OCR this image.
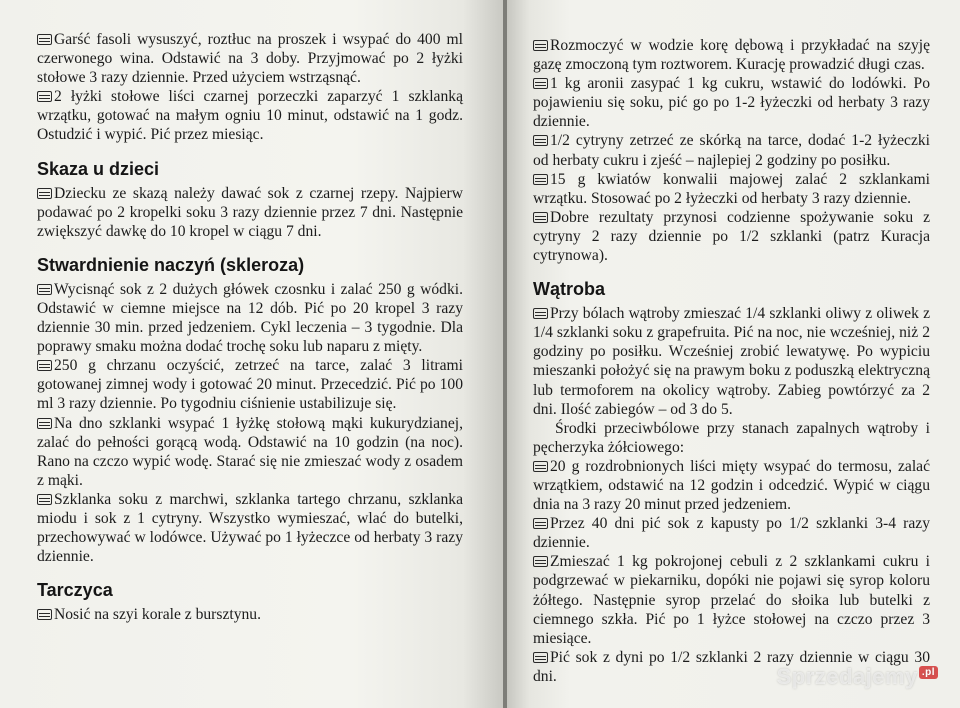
Garść fasoli wysuszyć, roztłuc na proszek i wsypać do 400 ml czerwonego wina. Odstawić na 3 doby. Przyjmować po 2 łyżki stołowe 3 razy dziennie. Przed użyciem wstrząsnąć.

2 łyżki stołowe liści czarnej porzeczki zaparzyć 1 szklanką wrzątku, gotować na małym ogniu 10 minut, odstawić na 1 godz. Ostudzić i wypić. Pić przez miesiąc.

Skaza u dzieci

Dziecku ze skazą należy dawać sok z czarnej rzepy. Najpierw podawać po 2 kropelki soku 3 razy dziennie przez 7 dni. Następnie zwiększyć dawkę do 10 kropel w ciągu 7 dni.

Stwardnienie naczyń (skleroza)

Wycisnąć sok z 2 dużych główek czosnku i zalać 250 g wódki. Odstawić w ciemne miejsce na 12 dób. Pić po 20 kropel 3 razy dziennie 30 min. przed jedzeniem. Cykl leczenia – 3 tygodnie. Dla poprawy smaku można dodać trochę soku lub naparu z mięty.

250 g chrzanu oczyścić, zetrzeć na tarce, zalać 3 litrami gotowanej zimnej wody i gotować 20 minut. Przecedzić. Pić po 100 ml 3 razy dziennie. Po tygodniu ciśnienie ustabilizuje się.

Na dno szklanki wsypać 1 łyżkę stołową mąki kukurydzianej, zalać do pełności gorącą wodą. Odstawić na 10 godzin (na noc). Rano na czczo wypić wodę. Starać się nie zmieszać wody z osadem z mąki.

Szklanka soku z marchwi, szklanka tartego chrzanu, szklanka miodu i sok z 1 cytryny. Wszystko wymieszać, wlać do butelki, przechowywać w lodówce. Używać po 1 łyżeczce od herbaty 3 razy dziennie.

Tarczyca

Nosić na szyi korale z bursztynu.

Rozmoczyć w wodzie korę dębową i przykładać na szyję gazę zmoczoną tym roztworem. Kurację prowadzić długi czas.

1 kg aronii zasypać 1 kg cukru, wstawić do lodówki. Po pojawieniu się soku, pić go po 1-2 łyżeczki od herbaty 3 razy dziennie.

1/2 cytryny zetrzeć ze skórką na tarce, dodać 1-2 łyżeczki od herbaty cukru i zjeść – najlepiej 2 godziny po posiłku.

15 g kwiatów konwalii majowej zalać 2 szklankami wrzątku. Stosować po 2 łyżeczki od herbaty 3 razy dziennie.

Dobre rezultaty przynosi codzienne spożywanie soku z cytryny 2 razy dziennie po 1/2 szklanki (patrz Kuracja cytrynowa).

Wątroba

Przy bólach wątroby zmieszać 1/4 szklanki oliwy z oliwek z 1/4 szklanki soku z grapefruita. Pić na noc, nie wcześniej, niż 2 godziny po posiłku. Wcześniej zrobić lewatywę. Po wypiciu mieszanki położyć się na prawym boku z poduszką elektryczną lub termoforem na okolicy wątroby. Zabieg powtórzyć za 2 dni. Ilość zabiegów – od 3 do 5.

Środki przeciwbólowe przy stanach zapalnych wątroby i pęcherzyka żółciowego:

20 g rozdrobnionych liści mięty wsypać do termosu, zalać wrzątkiem, odstawić na 12 godzin i odcedzić. Wypić w ciągu dnia na 3 razy 20 minut przed jedzeniem.

Przez 40 dni pić sok z kapusty po 1/2 szklanki 3-4 razy dziennie.

Zmieszać 1 kg pokrojonej cebuli z 2 szklankami cukru i podgrzewać w piekarniku, dopóki nie pojawi się syrop koloru żółtego. Następnie syrop przelać do słoika lub butelki z ciemnego szkła. Pić po 1 łyżce stołowej na czczo przez 3 miesiące.

Pić sok z dyni po 1/2 szklanki 2 razy dziennie w ciągu 30 dni.	Sprzedajemy .pl
